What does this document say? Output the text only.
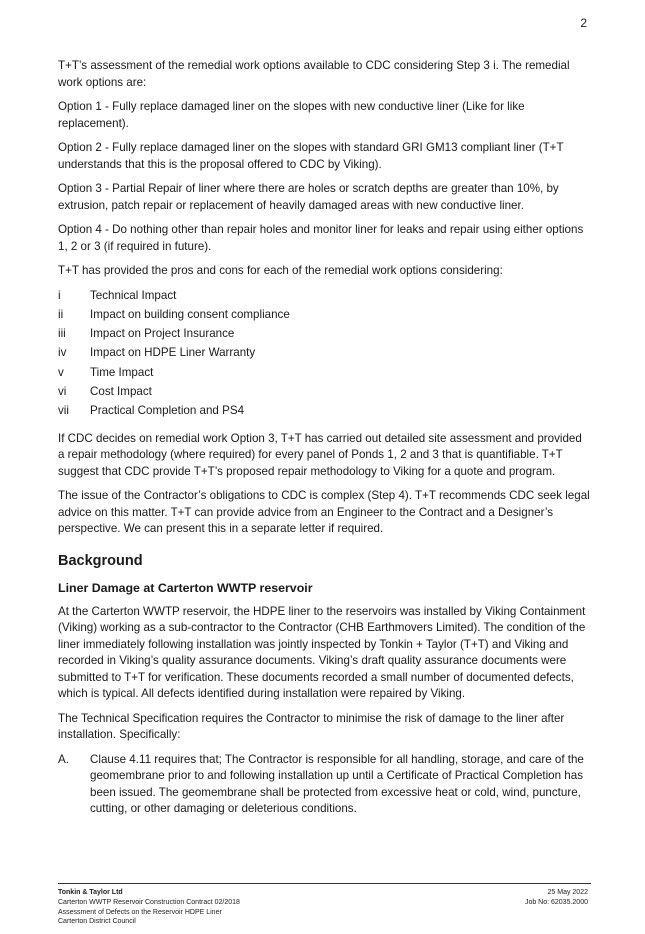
2

T+T’s assessment of the remedial work options available to CDC considering Step 3 i. The remedial work options are:

Option 1 - Fully replace damaged liner on the slopes with new conductive liner (Like for like replacement).

Option 2 - Fully replace damaged liner on the slopes with standard GRI GM13 compliant liner (T+T understands that this is the proposal offered to CDC by Viking).

Option 3 - Partial Repair of liner where there are holes or scratch depths are greater than 10%, by extrusion, patch repair or replacement of heavily damaged areas with new conductive liner.

Option 4 - Do nothing other than repair holes and monitor liner for leaks and repair using either options 1, 2 or 3 (if required in future).

T+T has provided the pros and cons for each of the remedial work options considering:

i	Technical Impact
ii	Impact on building consent compliance
iii	Impact on Project Insurance
iv	Impact on HDPE Liner Warranty
v	Time Impact
vi	Cost Impact
vii	Practical Completion and PS4

If CDC decides on remedial work Option 3, T+T has carried out detailed site assessment and provided a repair methodology (where required) for every panel of Ponds 1, 2 and 3 that is quantifiable. T+T suggest that CDC provide T+T’s proposed repair methodology to Viking for a quote and program.

The issue of the Contractor’s obligations to CDC is complex (Step 4). T+T recommends CDC seek legal advice on this matter. T+T can provide advice from an Engineer to the Contract and a Designer’s perspective. We can present this in a separate letter if required.

Background
Liner Damage at Carterton WWTP reservoir

At the Carterton WWTP reservoir, the HDPE liner to the reservoirs was installed by Viking Containment (Viking) working as a sub-contractor to the Contractor (CHB Earthmovers Limited). The condition of the liner immediately following installation was jointly inspected by Tonkin + Taylor (T+T) and Viking and recorded in Viking’s quality assurance documents. Viking’s draft quality assurance documents were submitted to T+T for verification. These documents recorded a small number of documented defects, which is typical. All defects identified during installation were repaired by Viking.

The Technical Specification requires the Contractor to minimise the risk of damage to the liner after installation. Specifically:

A.	Clause 4.11 requires that; The Contractor is responsible for all handling, storage, and care of the geomembrane prior to and following installation up until a Certificate of Practical Completion has been issued. The geomembrane shall be protected from excessive heat or cold, wind, puncture, cutting, or other damaging or deleterious conditions.
Tonkin & Taylor Ltd
Carterton WWTP Reservoir Construction Contract 02/2018
Assessment of Defects on the Reservoir HDPE Liner
Carterton District Council
25 May 2022
Job No: 62035.2000
